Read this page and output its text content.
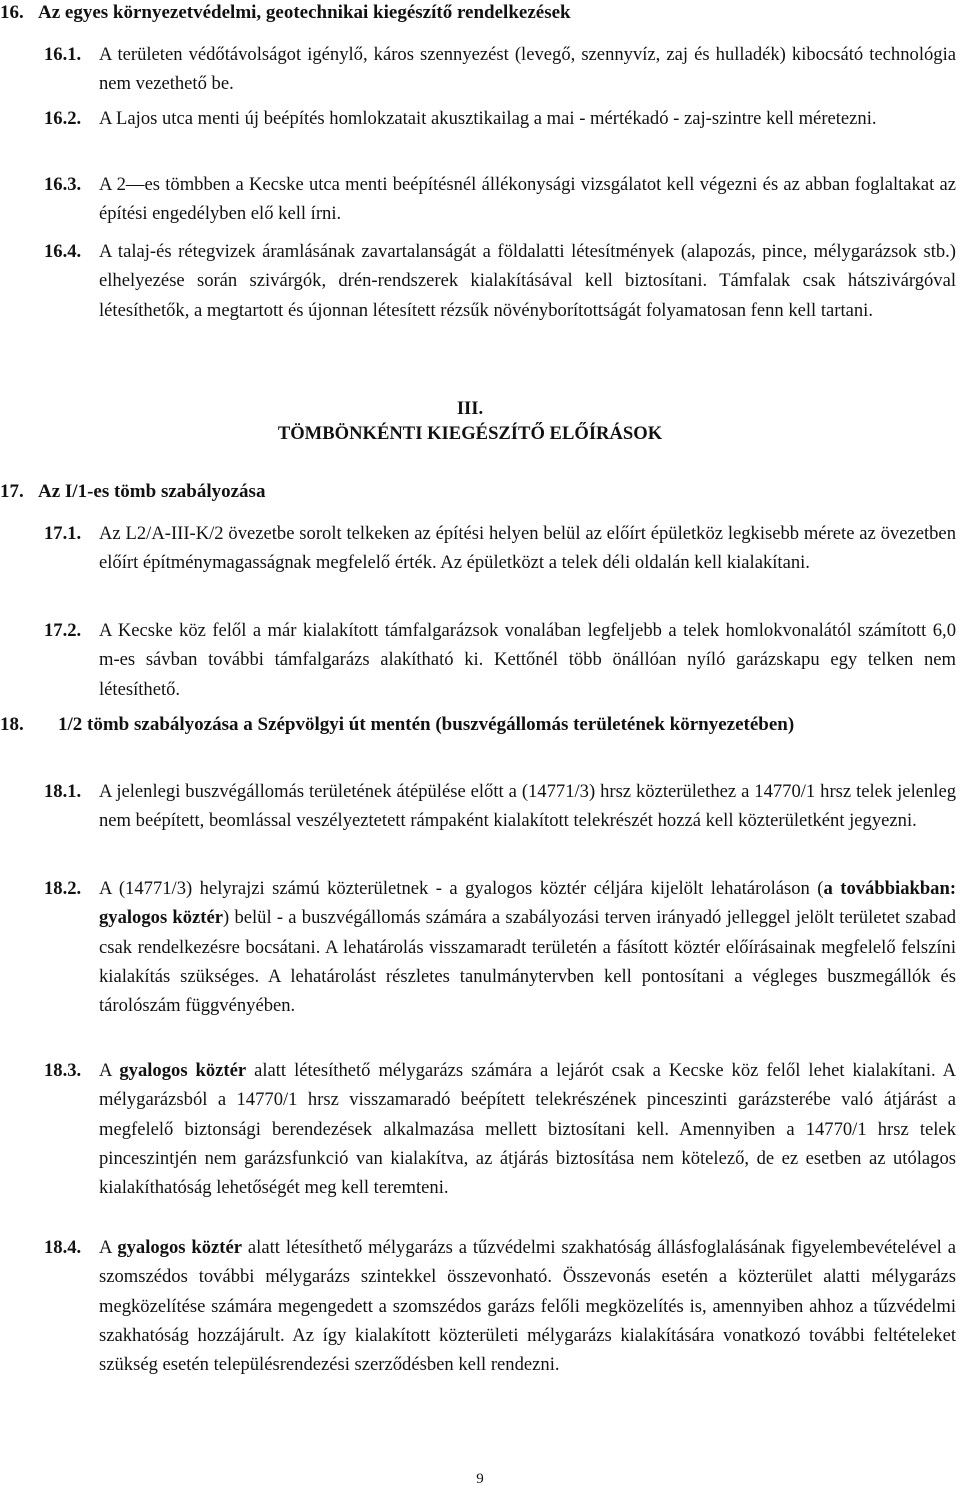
16. Az egyes környezetvédelmi, geotechnikai kiegészítő rendelkezések
16.1. A területen védőtávolságot igénylő, káros szennyezést (levegő, szennyvíz, zaj és hulladék) kibocsátó technológia nem vezethető be.
16.2. A Lajos utca menti új beépítés homlokzatait akusztikailag a mai - mértékadó - zaj-szintre kell méretezni.
16.3. A 2—es tömbben a Kecske utca menti beépítésnél állékonysági vizsgálatot kell végezni és az abban foglaltakat az építési engedélyben elő kell írni.
16.4. A talaj-és rétegvizek áramlásának zavartalanságát a földalatti létesítmények (alapozás, pince, mélygarázsok stb.) elhelyezése során szivárgók, drén-rendszerek kialakításával kell biztosítani. Támfalak csak hátszivárgóval létesíthetők, a megtartott és újonnan létesített rézsűk növényborítottságát folyamatosan fenn kell tartani.
III.
TÖMBÖNKÉNTI KIEGÉSZÍTŐ ELŐÍRÁSOK
17. Az I/1-es tömb szabályozása
17.1. Az L2/A-III-K/2 övezetbe sorolt telkeken az építési helyen belül az előírt épületköz legkisebb mérete az övezetben előírt építménymagasságnak megfelelő érték. Az épületközt a telek déli oldalán kell kialakítani.
17.2. A Kecske köz felől a már kialakított támfalgarázsok vonalában legfeljebb a telek homlokvonalától számított 6,0 m-es sávban további támfalgarázs alakítható ki. Kettőnél több önállóan nyíló garázskapu egy telken nem létesíthető.
18. 1/2 tömb szabályozása a Szépvölgyi út mentén (buszvégállomás területének környezetében)
18.1. A jelenlegi buszvégállomás területének átépülése előtt a (14771/3) hrsz közterülethez a 14770/1 hrsz telek jelenleg nem beépített, beomlással veszélyeztetett rámpaként kialakított telekrészét hozzá kell közterületként jegyezni.
18.2. A (14771/3) helyrajzi számú közterületnek - a gyalogos köztér céljára kijelölt lehatároláson (a továbbiakban: gyalogos köztér) belül - a buszvégállomás számára a szabályozási terven irányadó jelleggel jelölt területet szabad csak rendelkezésre bocsátani. A lehatárolás visszamaradt területén a fásított köztér előírásainak megfelelő felszíni kialakítás szükséges. A lehatárolást részletes tanulmánytervben kell pontosítani a végleges buszmegállók és tárolószám függvényében.
18.3. A gyalogos köztér alatt létesíthető mélygarázs számára a lejárót csak a Kecske köz felől lehet kialakítani. A mélygarázsból a 14770/1 hrsz visszamaradó beépített telekrészének pinceszinti garázsterébe való átjárást a megfelelő biztonsági berendezések alkalmazása mellett biztosítani kell. Amennyiben a 14770/1 hrsz telek pinceszintjén nem garázsfunkció van kialakítva, az átjárás biztosítása nem kötelező, de ez esetben az utólagos kialakíthatóság lehetőségét meg kell teremteni.
18.4. A gyalogos köztér alatt létesíthető mélygarázs a tűzvédelmi szakhatóság állásfoglalásának figyelembevételével a szomszédos további mélygarázs szintekkel összevonható. Összevonás esetén a közterület alatti mélygarázs megközelítése számára megengedett a szomszédos garázs felőli megközelítés is, amennyiben ahhoz a tűzvédelmi szakhatóság hozzájárult. Az így kialakított közterületi mélygarázs kialakítására vonatkozó további feltételeket szükség esetén településrendezési szerződésben kell rendezni.
9
